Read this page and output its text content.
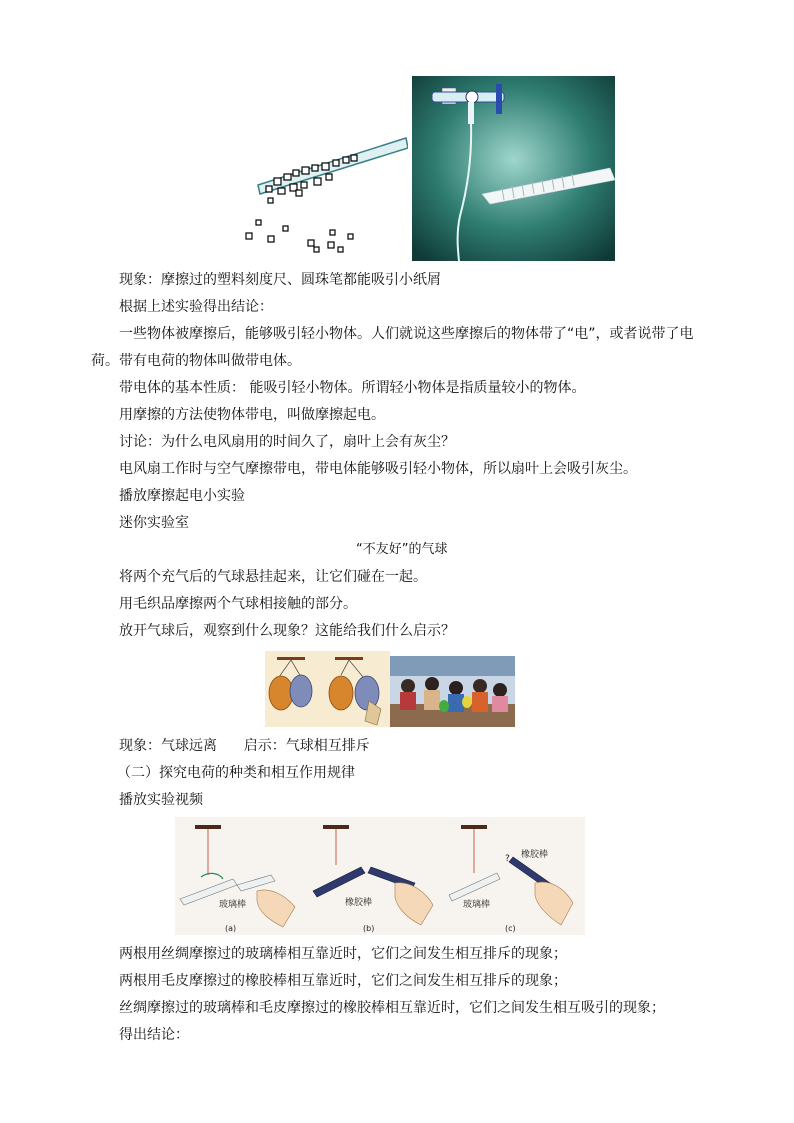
现象：摩擦过的塑料刻度尺、圆珠笔都能吸引小纸屑
根据上述实验得出结论：
一些物体被摩擦后，能够吸引轻小物体。人们就说这些摩擦后的物体带了“电”，或者说带了电
荷。带有电荷的物体叫做带电体。
带电体的基本性质： 能吸引轻小物体。所谓轻小物体是指质量较小的物体。
用摩擦的方法使物体带电，叫做摩擦起电。
讨论：为什么电风扇用的时间久了，扇叶上会有灰尘？
电风扇工作时与空气摩擦带电，带电体能够吸引轻小物体，所以扇叶上会吸引灰尘。
播放摩擦起电小实验
迷你实验室
“不友好”的气球
将两个充气后的气球悬挂起来，让它们碰在一起。
用毛织品摩擦两个气球相接触的部分。
放开气球后，观察到什么现象？这能给我们什么启示？
现象：气球远离      启示：气球相互排斥
（二）探究电荷的种类和相互作用规律
播放实验视频
玻璃棒	橡胶棒	玻璃棒
橡胶棒
?
(a)	(b)	(c)
两根用丝绸摩擦过的玻璃棒相互靠近时，它们之间发生相互排斥的现象；
两根用毛皮摩擦过的橡胶棒相互靠近时，它们之间发生相互排斥的现象；
丝绸摩擦过的玻璃棒和毛皮摩擦过的橡胶棒相互靠近时，它们之间发生相互吸引的现象；
得出结论：
